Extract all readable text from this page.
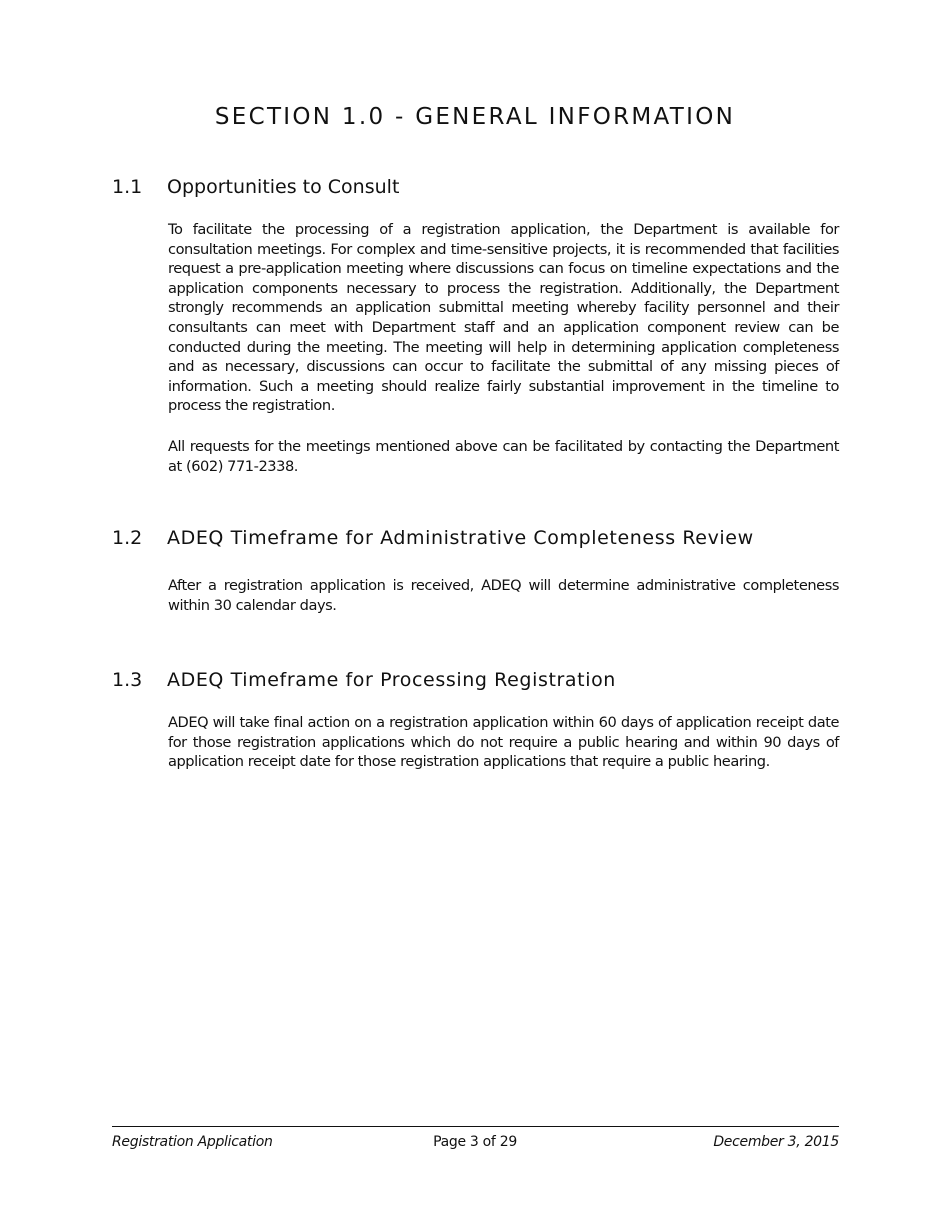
SECTION 1.0 - GENERAL INFORMATION
1.1 Opportunities to Consult

To facilitate the processing of a registration application, the Department is available for consultation meetings. For complex and time-sensitive projects, it is recommended that facilities request a pre-application meeting where discussions can focus on timeline expectations and the application components necessary to process the registration. Additionally, the Department strongly recommends an application submittal meeting whereby facility personnel and their consultants can meet with Department staff and an application component review can be conducted during the meeting. The meeting will help in determining application completeness and as necessary, discussions can occur to facilitate the submittal of any missing pieces of information. Such a meeting should realize fairly substantial improvement in the timeline to process the registration.

All requests for the meetings mentioned above can be facilitated by contacting the Department at (602) 771-2338.

1.2 ADEQ Timeframe for Administrative Completeness Review

After a registration application is received, ADEQ will determine administrative completeness within 30 calendar days.

1.3 ADEQ Timeframe for Processing Registration

ADEQ will take final action on a registration application within 60 days of application receipt date for those registration applications which do not require a public hearing and within 90 days of application receipt date for those registration applications that require a public hearing.

Registration Application	Page 3 of 29	December 3, 2015
